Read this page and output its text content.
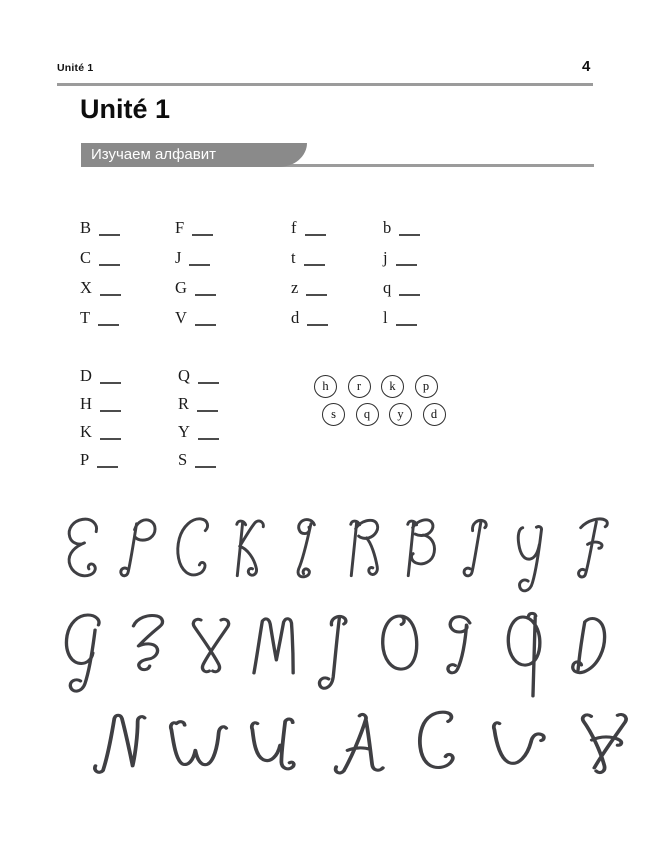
Unité 1	4
Unité 1
Изучаем алфавит
B	F	f	b
C	J	t	j
X	G	z	q
T	V	d	l
D	Q
H	R
K	Y
P	S
h	r	k	p
s	q	y	d
